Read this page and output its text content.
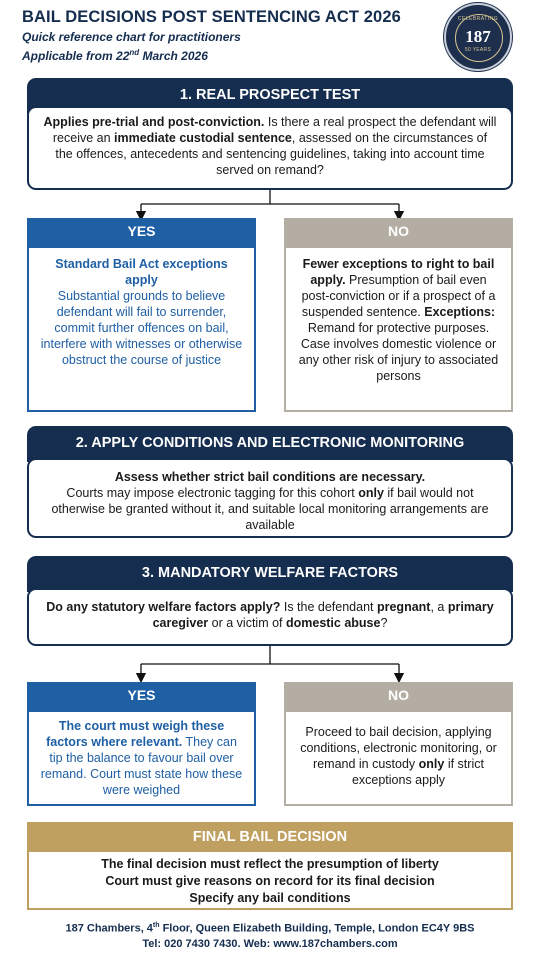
BAIL DECISIONS POST SENTENCING ACT 2026
Quick reference chart for practitioners
Applicable from 22nd March 2026
CELEBRATING
187
50 YEARS
1. REAL PROSPECT TEST
Applies pre-trial and post-conviction. Is there a real prospect the defendant will receive an immediate custodial sentence, assessed on the circumstances of the offences, antecedents and sentencing guidelines, taking into account time served on remand?
YES
Standard Bail Act exceptions apply
Substantial grounds to believe defendant will fail to surrender, commit further offences on bail, interfere with witnesses or otherwise obstruct the course of justice
NO
Fewer exceptions to right to bail apply. Presumption of bail even post-conviction or if a prospect of a suspended sentence. Exceptions: Remand for protective purposes. Case involves domestic violence or any other risk of injury to associated persons
2. APPLY CONDITIONS AND ELECTRONIC MONITORING
Assess whether strict bail conditions are necessary.
Courts may impose electronic tagging for this cohort only if bail would not otherwise be granted without it, and suitable local monitoring arrangements are available
3. MANDATORY WELFARE FACTORS
Do any statutory welfare factors apply? Is the defendant pregnant, a primary caregiver or a victim of domestic abuse?
YES
The court must weigh these factors where relevant. They can tip the balance to favour bail over remand. Court must state how these were weighed
NO
Proceed to bail decision, applying conditions, electronic monitoring, or remand in custody only if strict exceptions apply
FINAL BAIL DECISION
The final decision must reflect the presumption of liberty
Court must give reasons on record for its final decision
Specify any bail conditions
187 Chambers, 4th Floor, Queen Elizabeth Building, Temple, London EC4Y 9BS
Tel: 020 7430 7430. Web: www.187chambers.com
